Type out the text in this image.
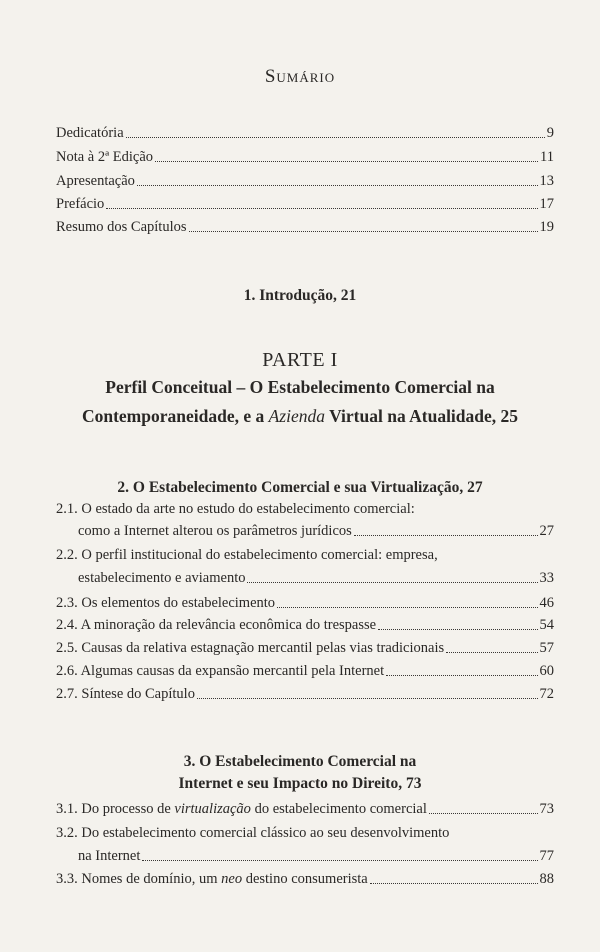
Sumário
Dedicatória	9
Nota à 2ª Edição	11
Apresentação	13
Prefácio	17
Resumo dos Capítulos	19
1. Introdução, 21
PARTE I
Perfil Conceitual – O Estabelecimento Comercial na
Contemporaneidade, e a Azienda Virtual na Atualidade, 25
2. O Estabelecimento Comercial e sua Virtualização, 27
2.1. O estado da arte no estudo do estabelecimento comercial:
como a Internet alterou os parâmetros jurídicos	27
2.2. O perfil institucional do estabelecimento comercial: empresa,
estabelecimento e aviamento	33
2.3. Os elementos do estabelecimento	46
2.4. A minoração da relevância econômica do trespasse	54
2.5. Causas da relativa estagnação mercantil pelas vias tradicionais	57
2.6. Algumas causas da expansão mercantil pela Internet	60
2.7. Síntese do Capítulo	72
3. O Estabelecimento Comercial na
Internet e seu Impacto no Direito, 73
3.1. Do processo de virtualização do estabelecimento comercial	73
3.2. Do estabelecimento comercial clássico ao seu desenvolvimento
na Internet	77
3.3. Nomes de domínio, um neo destino consumerista	88
